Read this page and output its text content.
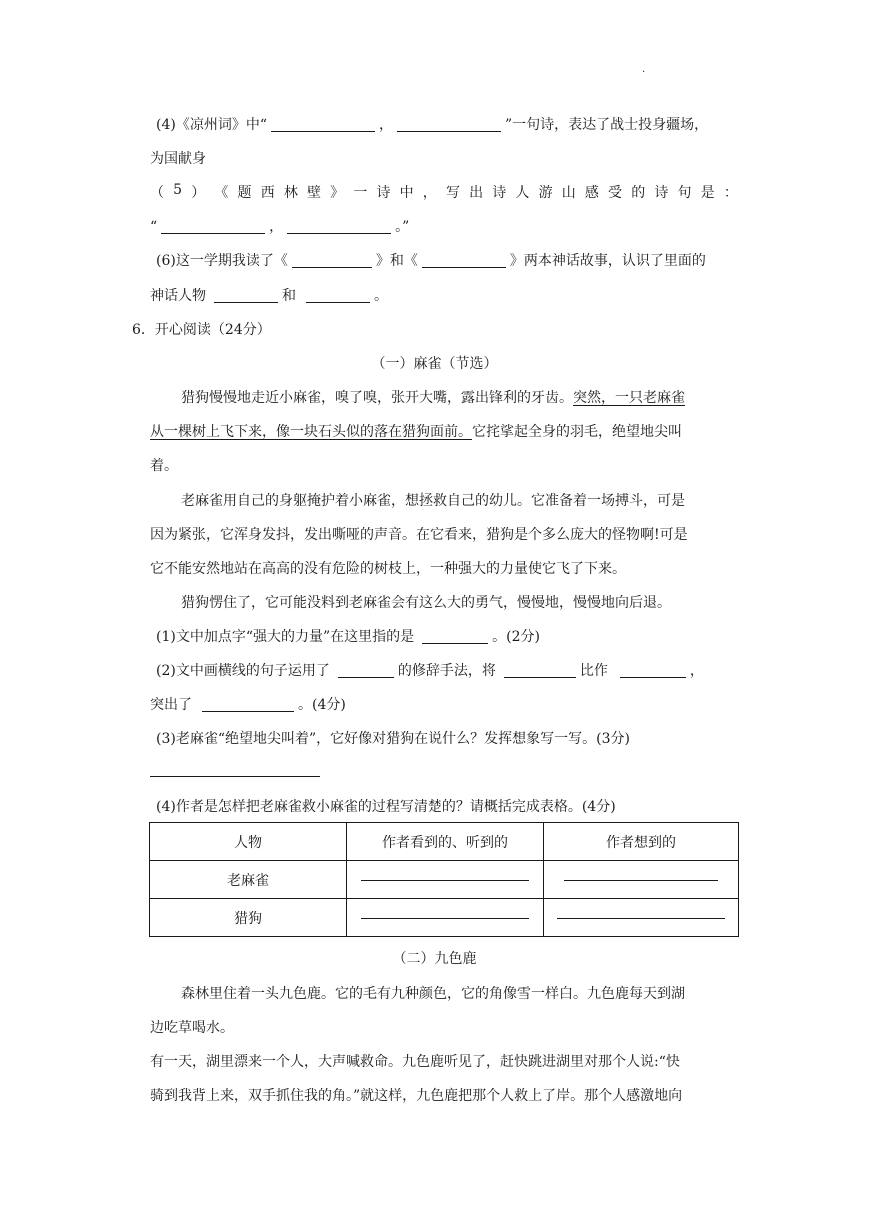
.
(4)《凉州词》中“	，	”一句诗，表达了战士投身疆场，
为国献身
（ 5 ） 《 题 西 林 壁 》 一 诗 中 ， 写 出 诗 人 游 山 感 受 的 诗 句 是 ：
“	，	。”
(6)这一学期我读了《	》和《	》两本神话故事，认识了里面的
神话人物	和	。
6．开心阅读（24分）
（一）麻雀（节选）
猎狗慢慢地走近小麻雀，嗅了嗅，张开大嘴，露出锋利的牙齿。突然，一只老麻雀
从一棵树上飞下来，像一块石头似的落在猎狗面前。它挓挲起全身的羽毛，绝望地尖叫
着。
老麻雀用自己的身躯掩护着小麻雀，想拯救自己的幼儿。它准备着一场搏斗，可是
因为紧张，它浑身发抖，发出嘶哑的声音。在它看来，猎狗是个多么庞大的怪物啊!可是
它不能安然地站在高高的没有危险的树枝上，一种强大的力量使它飞了下来。
猎狗愣住了，它可能没料到老麻雀会有这么大的勇气，慢慢地，慢慢地向后退。
(1)文中加点字“强大的力量”在这里指的是	。(2分)
(2)文中画横线的句子运用了	的修辞手法，将	比作	，
突出了	。(4分)
(3)老麻雀“绝望地尖叫着”，它好像对猎狗在说什么？发挥想象写一写。(3分)
(4)作者是怎样把老麻雀救小麻雀的过程写清楚的？请概括完成表格。(4分)
人物	作者看到的、听到的	作者想到的
老麻雀		
猎狗		
（二）九色鹿
森林里住着一头九色鹿。它的毛有九种颜色，它的角像雪一样白。九色鹿每天到湖
边吃草喝水。
有一天，湖里漂来一个人，大声喊救命。九色鹿听见了，赶快跳进湖里对那个人说:“快
骑到我背上来，双手抓住我的角。”就这样，九色鹿把那个人救上了岸。那个人感激地向
